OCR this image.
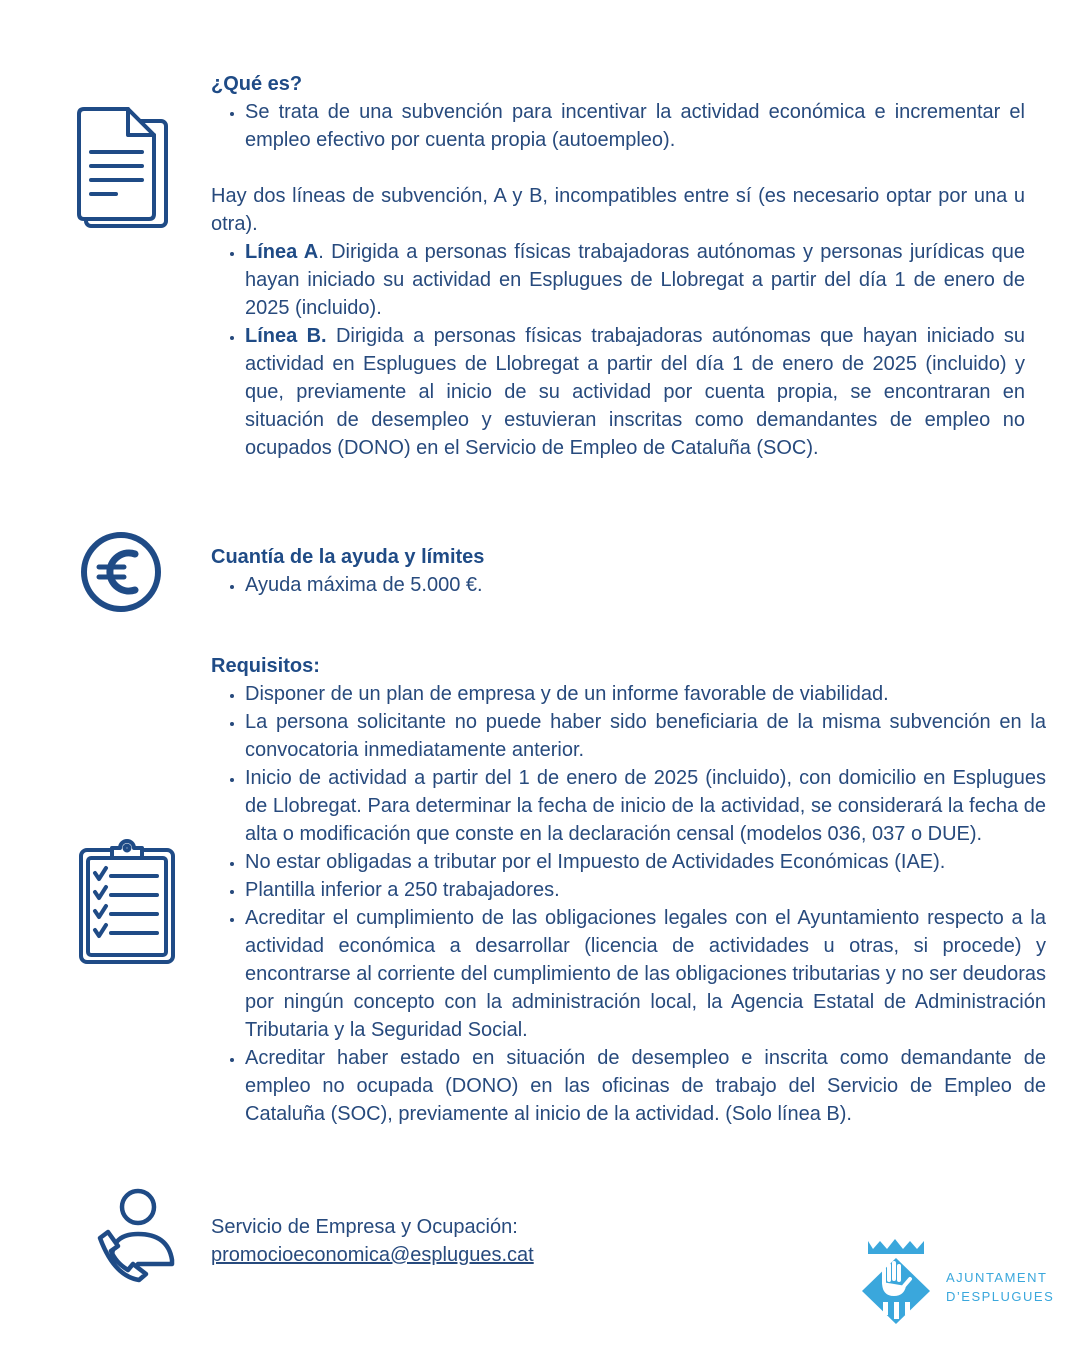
¿Qué es?
• Se trata de una subvención para incentivar la actividad económica e incrementar el empleo efectivo por cuenta propia (autoempleo).

Hay dos líneas de subvención, A y B, incompatibles entre sí (es necesario optar por una u otra).

• Línea A. Dirigida a personas físicas trabajadoras autónomas y personas jurídicas que hayan iniciado su actividad en Esplugues de Llobregat a partir del día 1 de enero de 2025 (incluido).
• Línea B. Dirigida a personas físicas trabajadoras autónomas que hayan iniciado su actividad en Esplugues de Llobregat a partir del día 1 de enero de 2025 (incluido) y que, previamente al inicio de su actividad por cuenta propia, se encontraran en situación de desempleo y estuvieran inscritas como demandantes de empleo no ocupados (DONO) en el Servicio de Empleo de Cataluña (SOC).
Cuantía de la ayuda y límites
• Ayuda máxima de 5.000 €.
Requisitos:
• Disponer de un plan de empresa y de un informe favorable de viabilidad.
• La persona solicitante no puede haber sido beneficiaria de la misma subvención en la convocatoria inmediatamente anterior.
• Inicio de actividad a partir del 1 de enero de 2025 (incluido), con domicilio en Esplugues de Llobregat. Para determinar la fecha de inicio de la actividad, se considerará la fecha de alta o modificación que conste en la declaración censal (modelos 036, 037 o DUE).
• No estar obligadas a tributar por el Impuesto de Actividades Económicas (IAE).
• Plantilla inferior a 250 trabajadores.
• Acreditar el cumplimiento de las obligaciones legales con el Ayuntamiento respecto a la actividad económica a desarrollar (licencia de actividades u otras, si procede) y encontrarse al corriente del cumplimiento de las obligaciones tributarias y no ser deudoras por ningún concepto con la administración local, la Agencia Estatal de Administración Tributaria y la Seguridad Social.
• Acreditar haber estado en situación de desempleo e inscrita como demandante de empleo no ocupada (DONO) en las oficinas de trabajo del Servicio de Empleo de Cataluña (SOC), previamente al inicio de la actividad. (Solo línea B).
Servicio de Empresa y Ocupación:
promocioeconomica@esplugues.cat
AJUNTAMENT
D’ESPLUGUES
